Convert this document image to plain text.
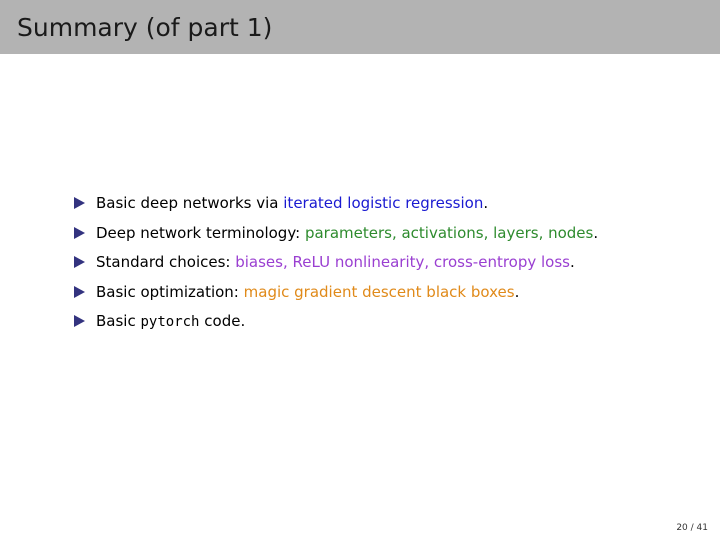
Summary (of part 1)
Basic deep networks via iterated logistic regression.
Deep network terminology: parameters, activations, layers, nodes.
Standard choices: biases, ReLU nonlinearity, cross-entropy loss.
Basic optimization: magic gradient descent black boxes.
Basic pytorch code.
20 / 41
